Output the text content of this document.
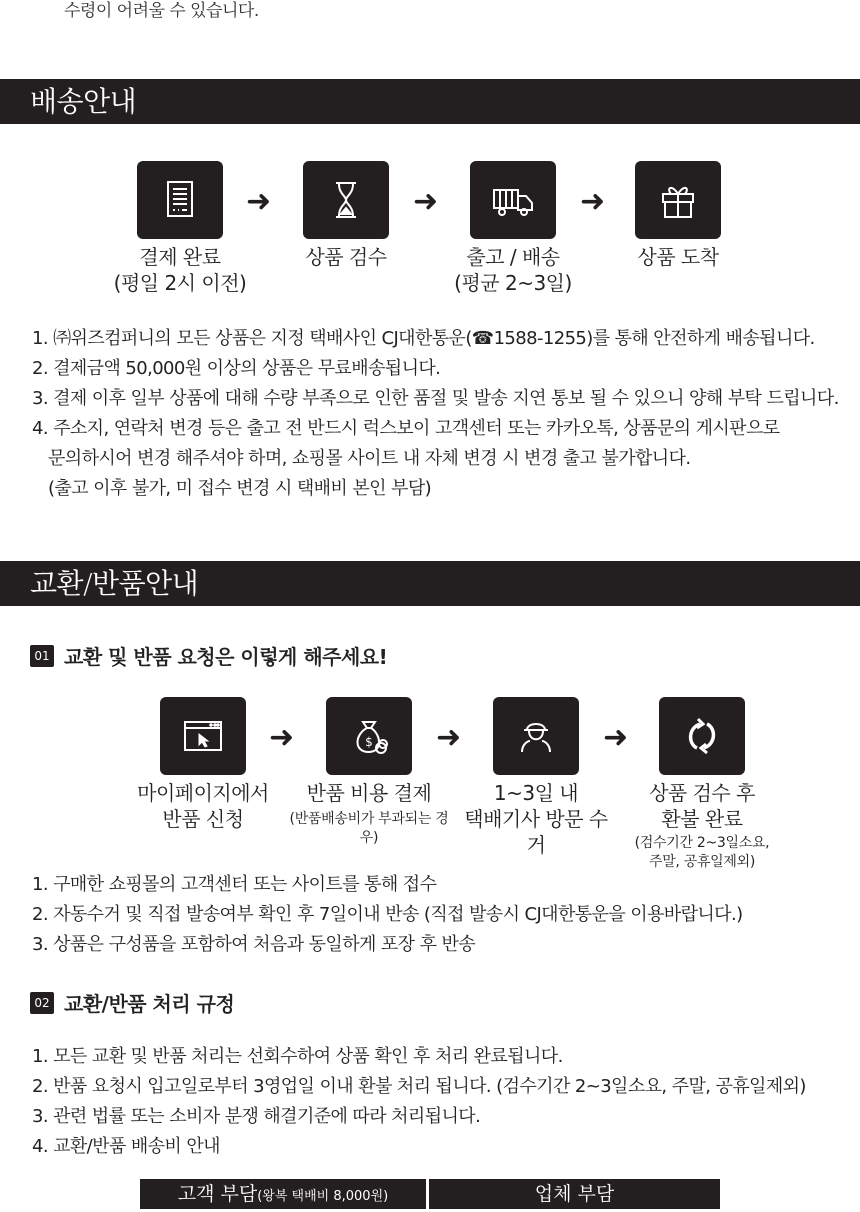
수령이 어려울 수 있습니다.
배송안내
결제 완료
(평일 2시 이전)
➜
상품 검수
➜
출고 / 배송
(평균 2~3일)
➜
상품 도착
1. ㈜위즈컴퍼니의 모든 상품은 지정 택배사인 CJ대한통운(☎1588-1255)를 통해 안전하게 배송됩니다.
2. 결제금액 50,000원 이상의 상품은 무료배송됩니다.
3. 결제 이후 일부 상품에 대해 수량 부족으로 인한 품절 및 발송 지연 통보 될 수 있으니 양해 부탁 드립니다.
4. 주소지, 연락처 변경 등은 출고 전 반드시 럭스보이 고객센터 또는 카카오톡, 상품문의 게시판으로
문의하시어 변경 해주셔야 하며, 쇼핑몰 사이트 내 자체 변경 시 변경 출고 불가합니다.
(출고 이후 불가, 미 접수 변경 시 택배비 본인 부담)
교환/반품안내
01 교환 및 반품 요청은 이렇게 해주세요!
마이페이지에서
반품 신청
➜	$
반품 비용 결제
(반품배송비가 부과되는 경우)
➜
1~3일 내
택배기사 방문 수거
➜
상품 검수 후
환불 완료
(검수기간 2~3일소요,
주말, 공휴일제외)
1. 구매한 쇼핑몰의 고객센터 또는 사이트를 통해 접수
2. 자동수거 및 직접 발송여부 확인 후 7일이내 반송 (직접 발송시 CJ대한통운을 이용바랍니다.)
3. 상품은 구성품을 포함하여 처음과 동일하게 포장 후 반송
02 교환/반품 처리 규정
1. 모든 교환 및 반품 처리는 선회수하여 상품 확인 후 처리 완료됩니다.
2. 반품 요청시 입고일로부터 3영업일 이내 환불 처리 됩니다. (검수기간 2~3일소요, 주말, 공휴일제외)
3. 관련 법률 또는 소비자 분쟁 해결기준에 따라 처리됩니다.
4. 교환/반품 배송비 안내
고객 부담(왕복 택배비 8,000원)	업체 부담
